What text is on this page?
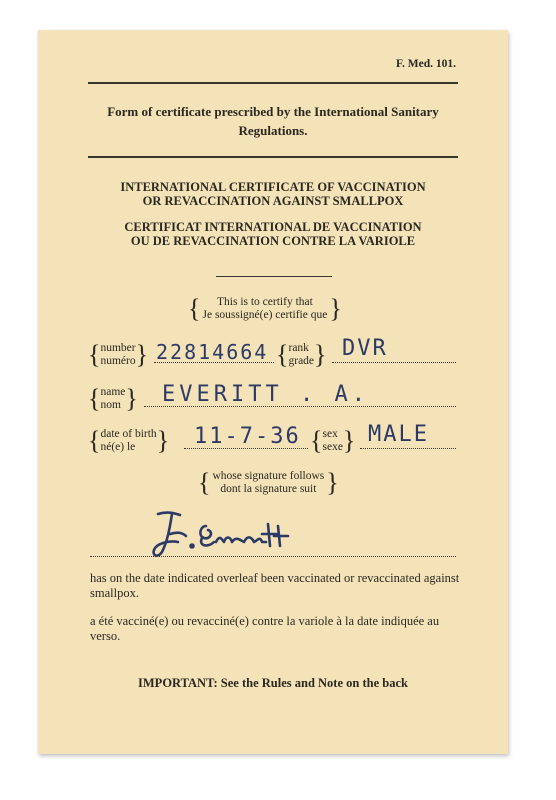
F. Med. 101.
Form of certificate prescribed by the International Sanitary Regulations.
INTERNATIONAL CERTIFICATE OF VACCINATION
OR REVACCINATION AGAINST SMALLPOX
CERTIFICAT INTERNATIONAL DE VACCINATION
OU DE REVACCINATION CONTRE LA VARIOLE
{	This is to certify that
Je soussigné(e) certifie que }
{ number
numéro } 22814664 { rank
grade } DVR
{ name
nom } EVERITT . A.
{ date of birth
né(e) le } 11-7-36 { sex
sexe } MALE
{ whose signature follows
dont la signature suit }
has on the date indicated overleaf been vaccinated or revaccinated against smallpox.
a été vacciné(e) ou revacciné(e) contre la variole à la date indiquée au verso.
IMPORTANT: See the Rules and Note on the back
